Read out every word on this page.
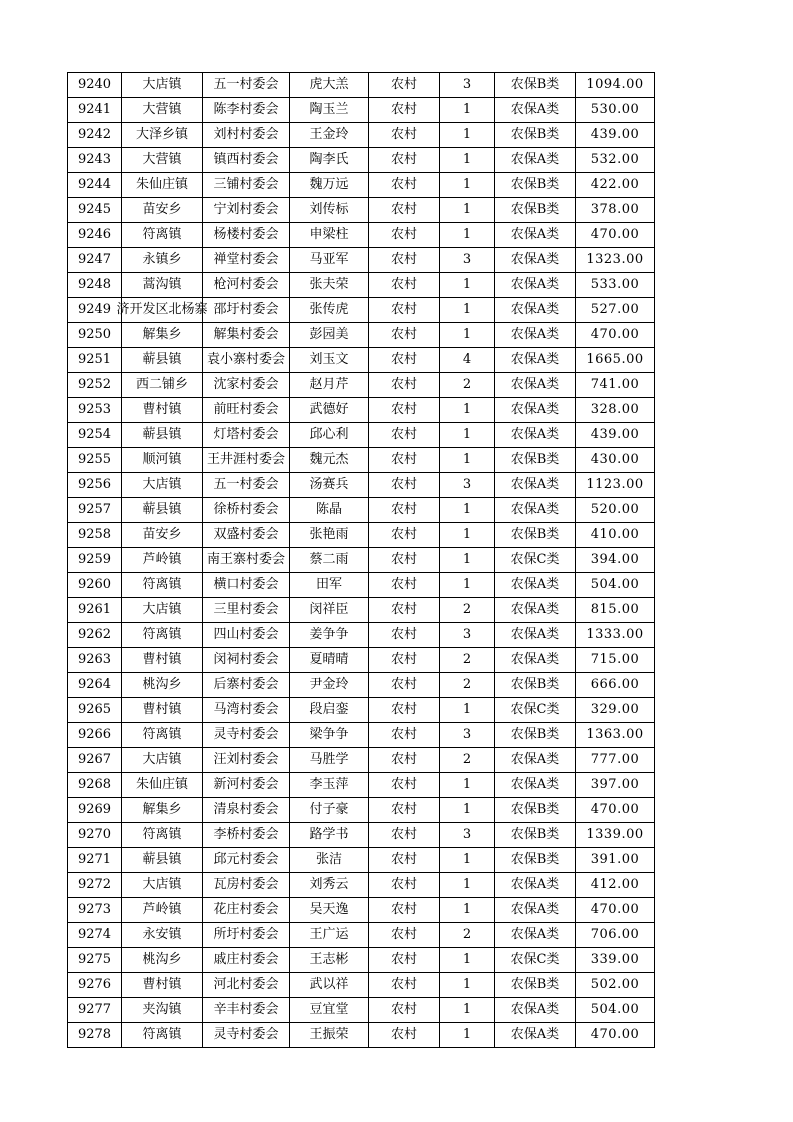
9240	大店镇	五一村委会	虎大羔	农村	3	农保B类	1094.00
9241	大营镇	陈李村委会	陶玉兰	农村	1	农保A类	530.00
9242	大泽乡镇	刘村村委会	王金玲	农村	1	农保B类	439.00
9243	大营镇	镇西村委会	陶李氏	农村	1	农保A类	532.00
9244	朱仙庄镇	三铺村委会	魏万远	农村	1	农保B类	422.00
9245	苗安乡	宁刘村委会	刘传标	农村	1	农保B类	378.00
9246	符离镇	杨楼村委会	申梁柱	农村	1	农保A类	470.00
9247	永镇乡	禅堂村委会	马亚军	农村	3	农保A类	1323.00
9248	蒿沟镇	枪河村委会	张夫荣	农村	1	农保A类	533.00
9249	济开发区北杨寨	邵圩村委会	张传虎	农村	1	农保A类	527.00
9250	解集乡	解集村委会	彭园美	农村	1	农保A类	470.00
9251	蕲县镇	袁小寨村委会	刘玉文	农村	4	农保A类	1665.00
9252	西二铺乡	沈家村委会	赵月芹	农村	2	农保A类	741.00
9253	曹村镇	前旺村委会	武德好	农村	1	农保A类	328.00
9254	蕲县镇	灯塔村委会	邱心利	农村	1	农保A类	439.00
9255	顺河镇	王井涯村委会	魏元杰	农村	1	农保B类	430.00
9256	大店镇	五一村委会	汤赛兵	农村	3	农保A类	1123.00
9257	蕲县镇	徐桥村委会	陈晶	农村	1	农保A类	520.00
9258	苗安乡	双盛村委会	张艳雨	农村	1	农保B类	410.00
9259	芦岭镇	南王寨村委会	蔡二雨	农村	1	农保C类	394.00
9260	符离镇	横口村委会	田军	农村	1	农保A类	504.00
9261	大店镇	三里村委会	闵祥臣	农村	2	农保A类	815.00
9262	符离镇	四山村委会	姜争争	农村	3	农保A类	1333.00
9263	曹村镇	闵祠村委会	夏晴晴	农村	2	农保A类	715.00
9264	桃沟乡	后寨村委会	尹金玲	农村	2	农保B类	666.00
9265	曹村镇	马湾村委会	段启銮	农村	1	农保C类	329.00
9266	符离镇	灵寺村委会	梁争争	农村	3	农保B类	1363.00
9267	大店镇	汪刘村委会	马胜学	农村	2	农保A类	777.00
9268	朱仙庄镇	新河村委会	李玉萍	农村	1	农保A类	397.00
9269	解集乡	清泉村委会	付子豪	农村	1	农保B类	470.00
9270	符离镇	李桥村委会	路学书	农村	3	农保B类	1339.00
9271	蕲县镇	邱元村委会	张洁	农村	1	农保B类	391.00
9272	大店镇	瓦房村委会	刘秀云	农村	1	农保A类	412.00
9273	芦岭镇	花庄村委会	吴天逸	农村	1	农保A类	470.00
9274	永安镇	所圩村委会	王广运	农村	2	农保A类	706.00
9275	桃沟乡	戚庄村委会	王志彬	农村	1	农保C类	339.00
9276	曹村镇	河北村委会	武以祥	农村	1	农保B类	502.00
9277	夹沟镇	辛丰村委会	豆宜堂	农村	1	农保A类	504.00
9278	符离镇	灵寺村委会	王振荣	农村	1	农保A类	470.00
